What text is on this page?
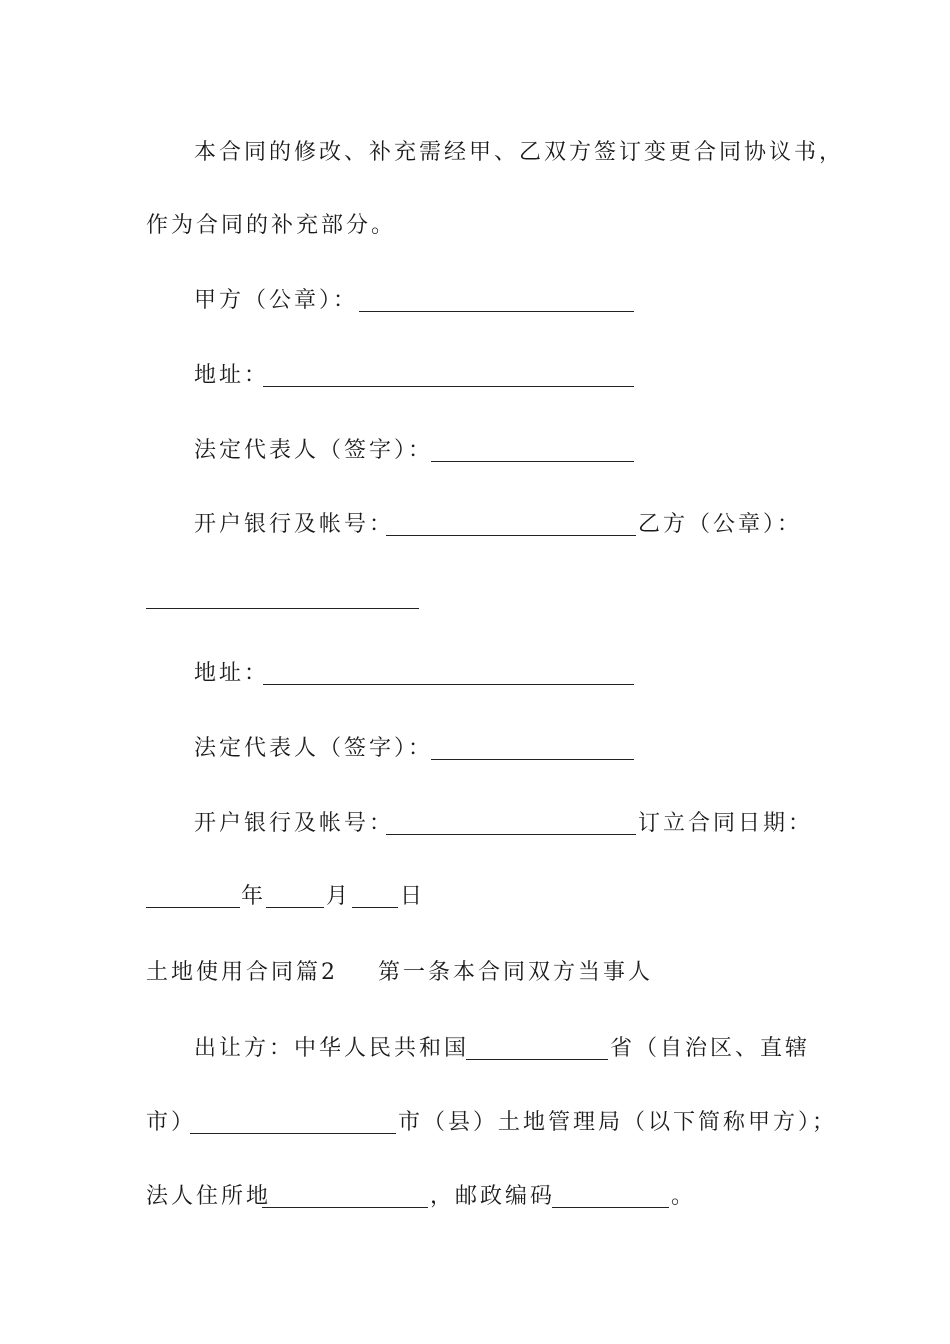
本合同的修改、补充需经甲、乙双方签订变更合同协议书，
作为合同的补充部分。
甲方（公章）：
地址：
法定代表人（签字）：
开户银行及帐号：	乙方（公章）：
地址：
法定代表人（签字）：
开户银行及帐号：	订立合同日期：
年	月 日
土地使用合同篇2 第一条本合同双方当事人
出让方：中华人民共和国	省（自治区、直辖
市）	市（县）土地管理局（以下简称甲方）；
法人住所地	，邮政编码	。
